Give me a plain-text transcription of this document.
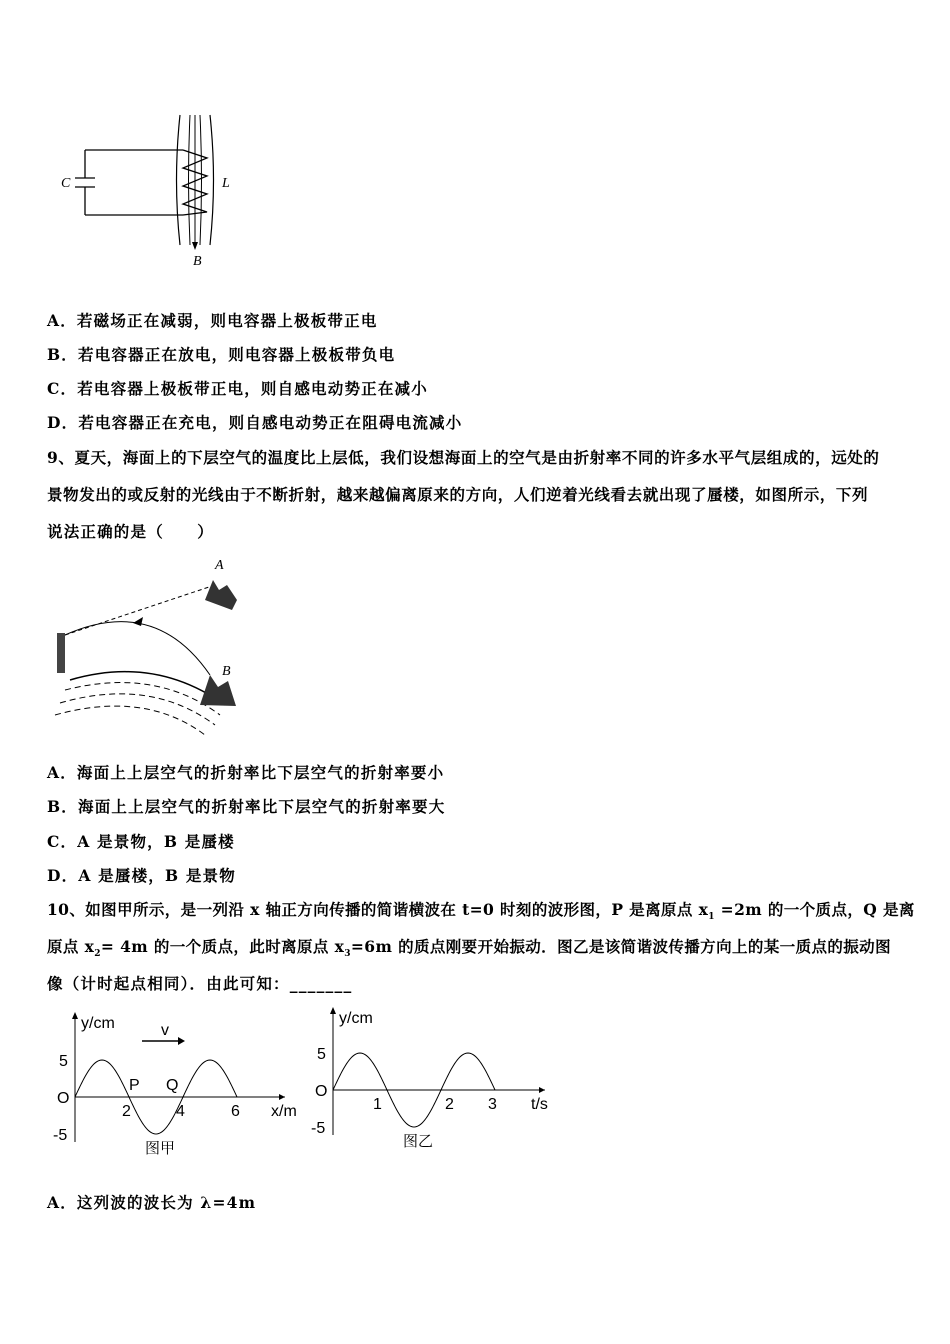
C	L
B
A．若磁场正在减弱，则电容器上极板带正电
B．若电容器正在放电，则电容器上极板带负电
C．若电容器上极板带正电，则自感电动势正在减小
D．若电容器正在充电，则自感电动势正在阻碍电流减小
9、夏天，海面上的下层空气的温度比上层低，我们设想海面上的空气是由折射率不同的许多水平气层组成的，远处的
景物发出的或反射的光线由于不断折射，越来越偏离原来的方向，人们逆着光线看去就出现了蜃楼，如图所示，下列
说法正确的是（　　）
A
B
A．海面上上层空气的折射率比下层空气的折射率要小
B．海面上上层空气的折射率比下层空气的折射率要大
C．A 是景物，B 是蜃楼
D．A 是蜃楼，B 是景物
10、如图甲所示，是一列沿 x 轴正方向传播的简谐横波在 t=0 时刻的波形图，P 是离原点 $x_1 =2m$ 的一个质点，Q 是离
原点 $x_2= 4m$ 的一个质点，此时离原点 $x_3=6m$ 的质点刚要开始振动．图乙是该简谐波传播方向上的某一质点的振动图
像（计时起点相同）．由此可知：_______
y/cm
O
5
-5
2	4	6 x/m
图甲
v
P Q
y/cm
O
5
-5
1	2 3 t/s
图乙
A．这列波的波长为 λ=4m
